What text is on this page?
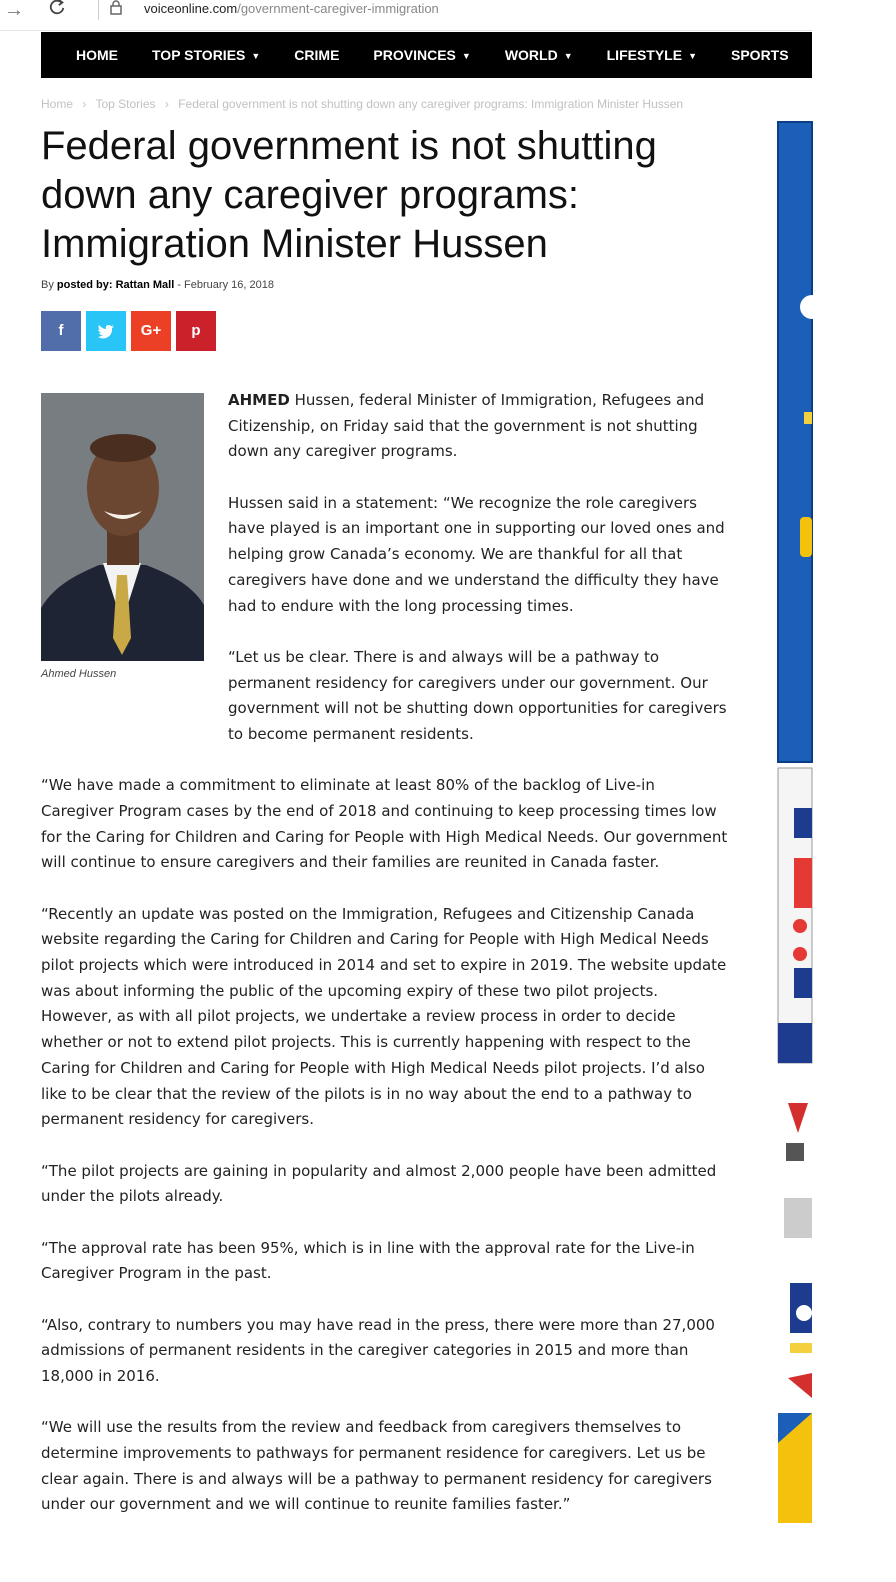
→	voiceonline.com/government-caregiver-immigration
HOME TOP STORIES ▼ CRIME PROVINCES ▼ WORLD ▼ LIFESTYLE ▼ SPORTS AUTO
Home › Top Stories › Federal government is not shutting down any caregiver programs: Immigration Minister Hussen
Federal government is not shutting down any caregiver programs: Immigration Minister Hussen
By posted by: Rattan Mall - February 16, 2018
f	G+	p
Ahmed Hussen

AHMED Hussen, federal Minister of Immigration, Refugees and Citizenship, on Friday said that the government is not shutting down any caregiver programs.

Hussen said in a statement: “We recognize the role caregivers have played is an important one in supporting our loved ones and helping grow Canada’s economy. We are thankful for all that caregivers have done and we understand the difficulty they have had to endure with the long processing times.

“Let us be clear. There is and always will be a pathway to permanent residency for caregivers under our government. Our government will not be shutting down opportunities for caregivers to become permanent residents.

“We have made a commitment to eliminate at least 80% of the backlog of Live-in Caregiver Program cases by the end of 2018 and continuing to keep processing times low for the Caring for Children and Caring for People with High Medical Needs. Our government will continue to ensure caregivers and their families are reunited in Canada faster.

“Recently an update was posted on the Immigration, Refugees and Citizenship Canada website regarding the Caring for Children and Caring for People with High Medical Needs pilot projects which were introduced in 2014 and set to expire in 2019. The website update was about informing the public of the upcoming expiry of these two pilot projects. However, as with all pilot projects, we undertake a review process in order to decide whether or not to extend pilot projects. This is currently happening with respect to the Caring for Children and Caring for People with High Medical Needs pilot projects. I’d also like to be clear that the review of the pilots is in no way about the end to a pathway to permanent residency for caregivers.

“The pilot projects are gaining in popularity and almost 2,000 people have been admitted under the pilots already.

“The approval rate has been 95%, which is in line with the approval rate for the Live-in Caregiver Program in the past.

“Also, contrary to numbers you may have read in the press, there were more than 27,000 admissions of permanent residents in the caregiver categories in 2015 and more than 18,000 in 2016.

“We will use the results from the review and feedback from caregivers themselves to determine improvements to pathways for permanent residence for caregivers. Let us be clear again. There is and always will be a pathway to permanent residency for caregivers under our government and we will continue to reunite families faster.”
